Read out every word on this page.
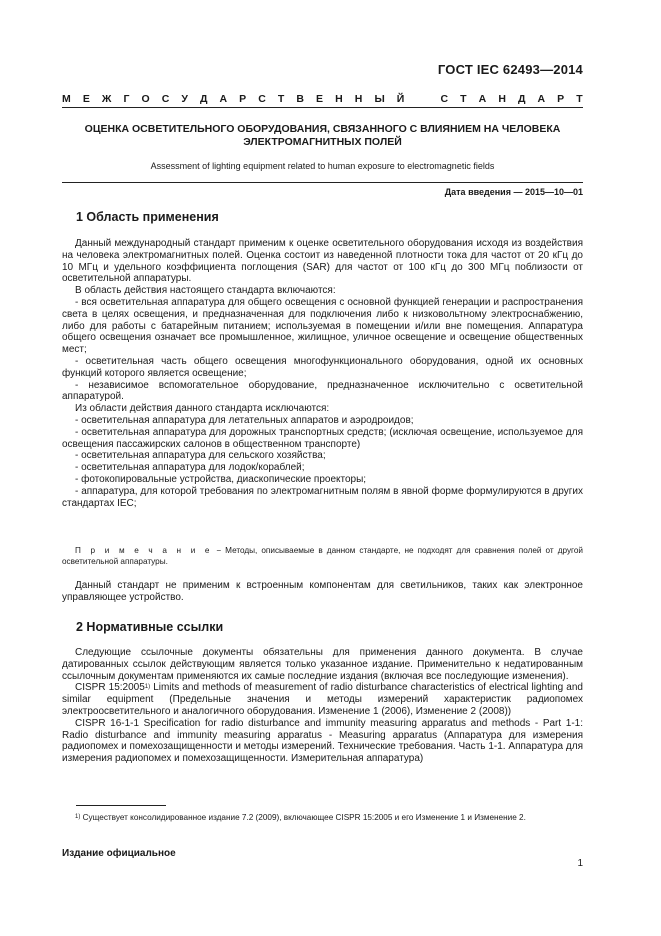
ГОСТ IEC 62493—2014
М Е Ж Г О С У Д А Р С Т В Е Н Н Ы Й	С Т А Н Д А Р Т
ОЦЕНКА ОСВЕТИТЕЛЬНОГО ОБОРУДОВАНИЯ, СВЯЗАННОГО С ВЛИЯНИЕМ НА ЧЕЛОВЕКА
ЭЛЕКТРОМАГНИТНЫХ ПОЛЕЙ
Assessment of lighting equipment related to human exposure to electromagnetic fields
Дата введения — 2015—10—01
1 Область применения

Данный международный стандарт применим к оценке осветительного оборудования исходя из воздействия на человека электромагнитных полей. Оценка состоит из наведенной плотности тока для частот от 20 кГц до 10 МГц и удельного коэффициента поглощения (SAR) для частот от 100 кГц до 300 МГц поблизости от осветительной аппаратуры.

В область действия настоящего стандарта включаются:

- вся осветительная аппаратура для общего освещения с основной функцией генерации и распространения света в целях освещения, и предназначенная для подключения либо к низковольтному электроснабжению, либо для работы с батарейным питанием; используемая в помещении и/или вне помещения. Аппаратура общего освещения означает все промышленное, жилищное, уличное освещение и освещение общественных мест;

- осветительная часть общего освещения многофункционального оборудования, одной их основных функций которого является освещение;

- независимое вспомогательное оборудование, предназначенное исключительно с осветительной аппаратурой.

Из области действия данного стандарта исключаются:

- осветительная аппаратура для летательных аппаратов и аэродроидов;

- осветительная аппаратура для дорожных транспортных средств; (исключая освещение, используемое для освещения пассажирских салонов в общественном транспорте)

- осветительная аппаратура для сельского хозяйства;

- осветительная аппаратура для лодок/кораблей;

- фотокопировальные устройства, диаскопические проекторы;

- аппаратура, для которой требования по электромагнитным полям в явной форме формулируются в других стандартах IEC;

П р и м е ч а н и е − Методы, описываемые в данном стандарте, не подходят для сравнения полей от другой осветительной аппаратуры.

Данный стандарт не применим к встроенным компонентам для светильников, таких как электронное управляющее устройство.

2 Нормативные ссылки

Следующие ссылочные документы обязательны для применения данного документа. В случае датированных ссылок действующим является только указанное издание. Применительно к недатированным ссылочным документам применяются их самые последние издания (включая все последующие изменения).

CISPR 15:2005$^{1)}$ Limits and methods of measurement of radio disturbance characteristics of electrical lighting and similar equipment (Предельные значения и методы измерений характеристик радиопомех электроосветительного и аналогичного оборудования. Изменение 1 (2006), Изменение 2 (2008))

CISPR 16-1-1 Specification for radio disturbance and immunity measuring apparatus and methods - Part 1-1: Radio disturbance and immunity measuring apparatus - Measuring apparatus (Аппаратура для измерения радиопомех и помехозащищенности и методы измерений. Технические требования. Часть 1-1. Аппаратура для измерения радиопомех и помехозащищенности. Измерительная аппаратура)

$^{1)}$ Существует консолидированное издание 7.2 (2009), включающее CISPR 15:2005 и его Изменение 1 и Изменение 2.
Издание официальное
1
